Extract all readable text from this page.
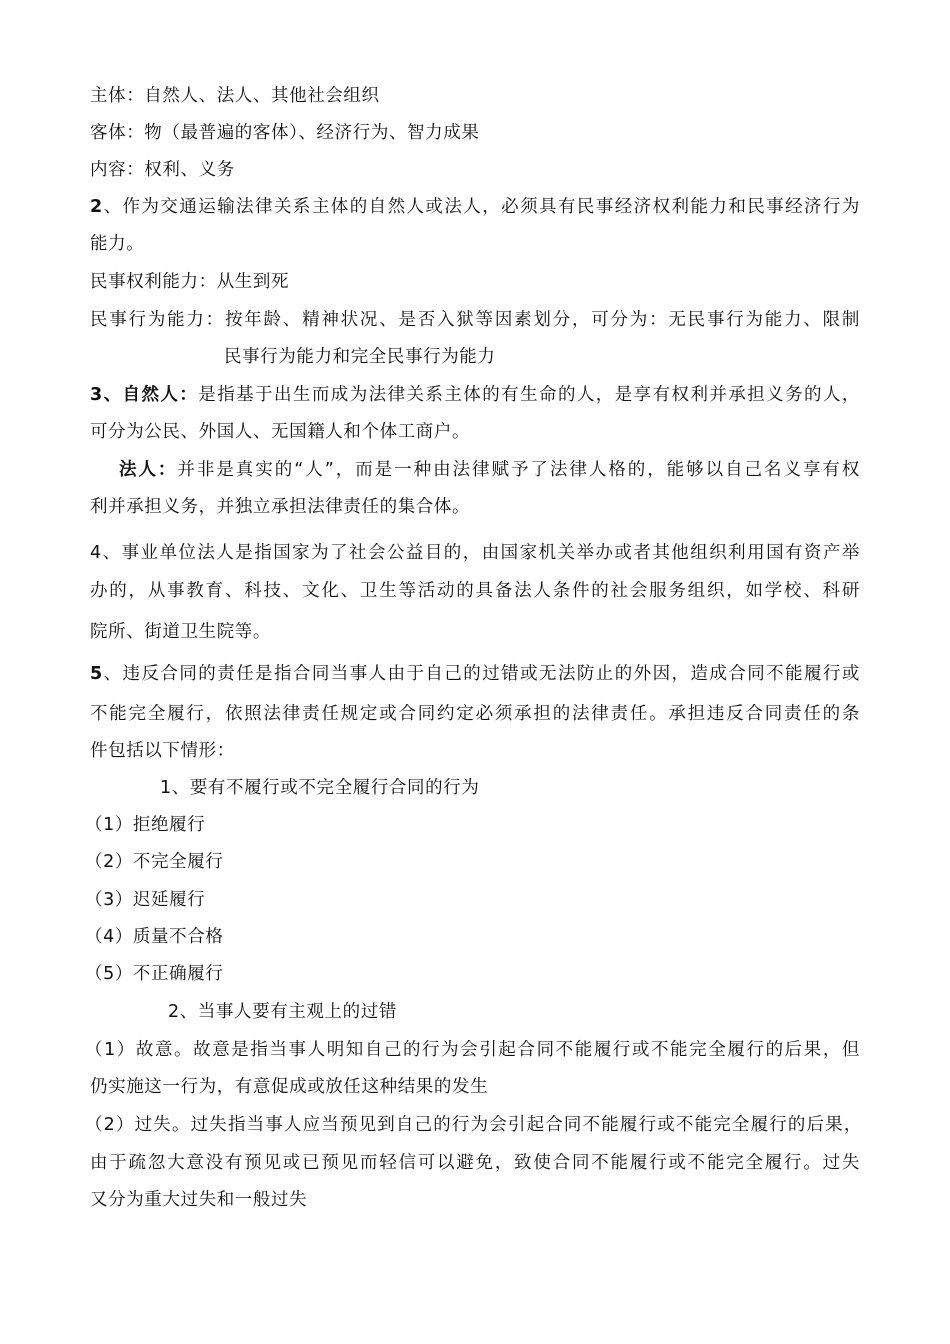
主体：自然人、法人、其他社会组织
客体：物（最普遍的客体）、经济行为、智力成果
内容：权利、义务
2、作为交通运输法律关系主体的自然人或法人，必须具有民事经济权利能力和民事经济行为
能力。
民事权利能力：从生到死
民事行为能力：按年龄、精神状况、是否入狱等因素划分，可分为：无民事行为能力、限制
民事行为能力和完全民事行为能力
3、自然人：是指基于出生而成为法律关系主体的有生命的人，是享有权利并承担义务的人，
可分为公民、外国人、无国籍人和个体工商户。
法人：并非是真实的“人”，而是一种由法律赋予了法律人格的，能够以自己名义享有权
利并承担义务，并独立承担法律责任的集合体。
4、事业单位法人是指国家为了社会公益目的，由国家机关举办或者其他组织利用国有资产举
办的，从事教育、科技、文化、卫生等活动的具备法人条件的社会服务组织，如学校、科研
院所、街道卫生院等。
5、违反合同的责任是指合同当事人由于自己的过错或无法防止的外因，造成合同不能履行或
不能完全履行，依照法律责任规定或合同约定必须承担的法律责任。承担违反合同责任的条
件包括以下情形：
1、要有不履行或不完全履行合同的行为
（1）拒绝履行
（2）不完全履行
（3）迟延履行
（4）质量不合格
（5）不正确履行
2、当事人要有主观上的过错
（1）故意。故意是指当事人明知自己的行为会引起合同不能履行或不能完全履行的后果，但
仍实施这一行为，有意促成或放任这种结果的发生
（2）过失。过失指当事人应当预见到自己的行为会引起合同不能履行或不能完全履行的后果，
由于疏忽大意没有预见或已预见而轻信可以避免，致使合同不能履行或不能完全履行。过失
又分为重大过失和一般过失
